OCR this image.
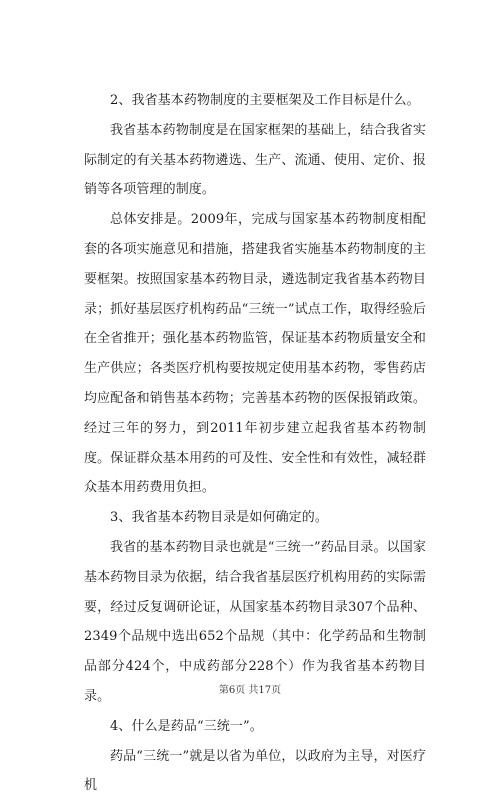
2、我省基本药物制度的主要框架及工作目标是什么。

我省基本药物制度是在国家框架的基础上，结合我省实际制定的有关基本药物遴选、生产、流通、使用、定价、报销等各项管理的制度。

总体安排是。2009年，完成与国家基本药物制度相配套的各项实施意见和措施，搭建我省实施基本药物制度的主要框架。按照国家基本药物目录，遴选制定我省基本药物目录；抓好基层医疗机构药品“三统一”试点工作，取得经验后在全省推开；强化基本药物监管，保证基本药物质量安全和生产供应；各类医疗机构要按规定使用基本药物，零售药店均应配备和销售基本药物；完善基本药物的医保报销政策。经过三年的努力，到2011年初步建立起我省基本药物制度。保证群众基本用药的可及性、安全性和有效性，减轻群众基本用药费用负担。

3、我省基本药物目录是如何确定的。

我省的基本药物目录也就是“三统一”药品目录。以国家基本药物目录为依据，结合我省基层医疗机构用药的实际需要，经过反复调研论证，从国家基本药物目录307个品种、2349个品规中选出652个品规（其中：化学药品和生物制品部分424个，中成药部分228个）作为我省基本药物目录。

4、什么是药品“三统一”。

药品“三统一”就是以省为单位，以政府为主导，对医疗机

第6页 共17页
